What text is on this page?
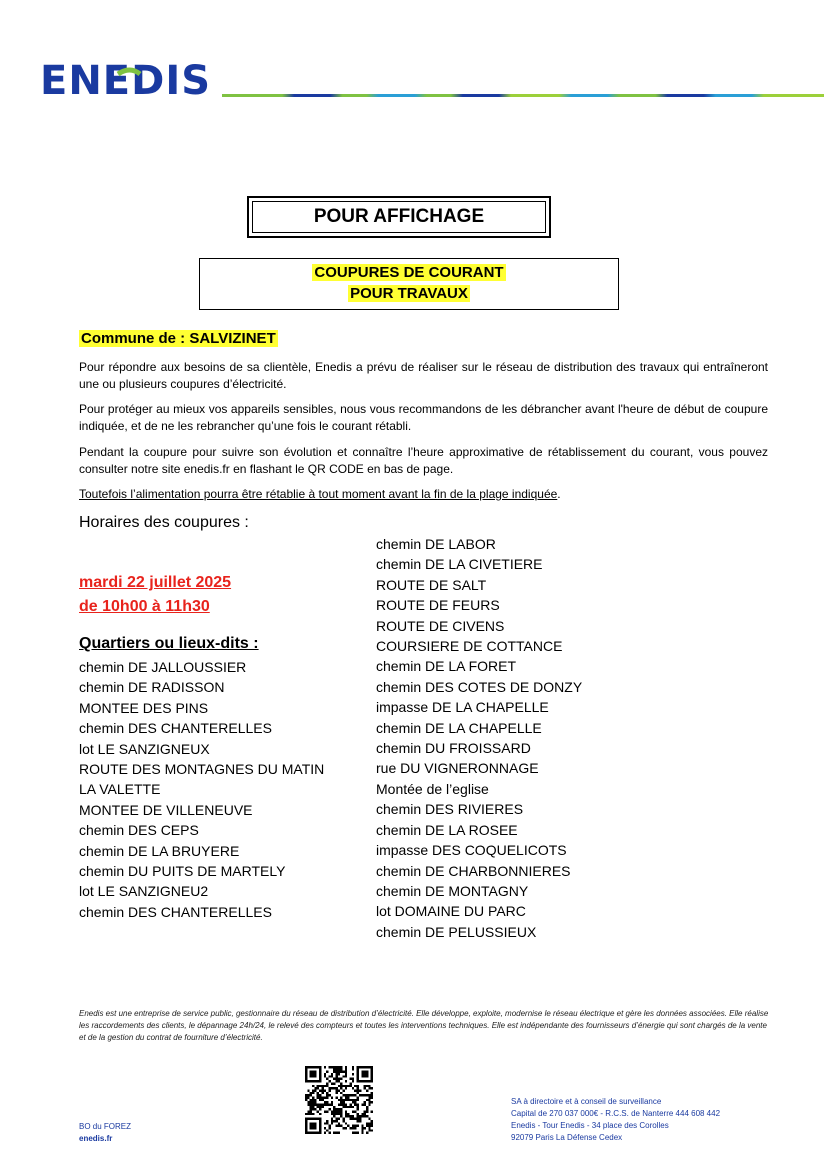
ENEDIS
POUR AFFICHAGE
COUPURES DE COURANT
POUR TRAVAUX
Commune de : SALVIZINET
Pour répondre aux besoins de sa clientèle, Enedis a prévu de réaliser sur le réseau de distribution des travaux qui entraîneront une ou plusieurs coupures d’électricité.
Pour protéger au mieux vos appareils sensibles, nous vous recommandons de les débrancher avant l'heure de début de coupure indiquée, et de ne les rebrancher qu’une fois le courant rétabli.
Pendant la coupure pour suivre son évolution et connaître l’heure approximative de rétablissement du courant, vous pouvez consulter notre site enedis.fr en flashant le QR CODE en bas de page.
Toutefois l’alimentation pourra être rétablie à tout moment avant la fin de la plage indiquée.
Horaires des coupures :
mardi 22 juillet 2025
de 10h00 à 11h30
Quartiers ou lieux-dits :
chemin DE JALLOUSSIER
chemin DE RADISSON
MONTEE DES PINS
chemin DES CHANTERELLES
lot LE SANZIGNEUX
ROUTE DES MONTAGNES DU MATIN
LA VALETTE
MONTEE DE VILLENEUVE
chemin DES CEPS
chemin DE LA BRUYERE
chemin DU PUITS DE MARTELY
lot LE SANZIGNEU2
chemin DES CHANTERELLES
chemin DE LABOR
chemin DE LA CIVETIERE
ROUTE DE SALT
ROUTE DE FEURS
ROUTE DE CIVENS
COURSIERE DE COTTANCE
chemin DE LA FORET
chemin DES COTES DE DONZY
impasse DE LA CHAPELLE
chemin DE LA CHAPELLE
chemin DU FROISSARD
rue DU VIGNERONNAGE
Montée de l’eglise
chemin DES RIVIERES
chemin DE LA ROSEE
impasse DES COQUELICOTS
chemin DE CHARBONNIERES
chemin DE MONTAGNY
lot DOMAINE DU PARC
chemin DE PELUSSIEUX
Enedis est une entreprise de service public, gestionnaire du réseau de distribution d’électricité. Elle développe, exploite, modernise le réseau électrique et gère les données associées. Elle réalise les raccordements des clients, le dépannage 24h/24, le relevé des compteurs et toutes les interventions techniques. Elle est indépendante des fournisseurs d’énergie qui sont chargés de la vente et de la gestion du contrat de fourniture d’électricité.
BO du FOREZ
enedis.fr
SA à directoire et à conseil de surveillance
Capital de 270 037 000€ - R.C.S. de Nanterre 444 608 442
Enedis - Tour Enedis - 34 place des Corolles
92079 Paris La Défense Cedex
